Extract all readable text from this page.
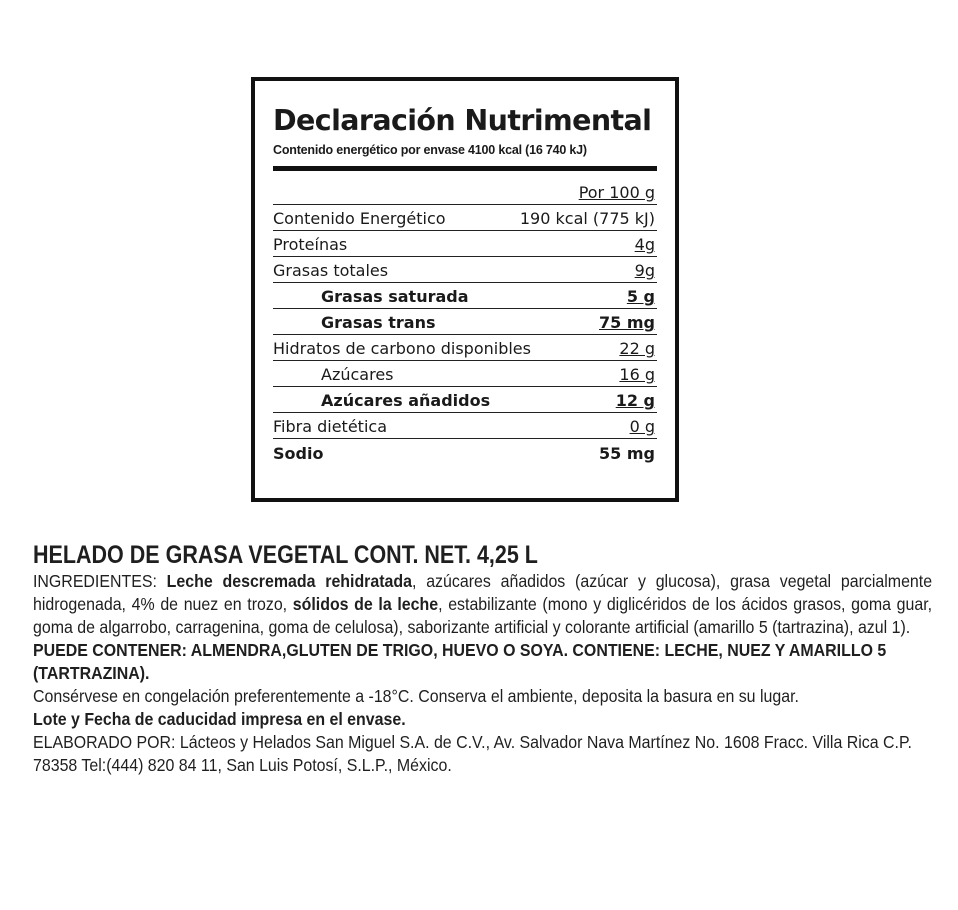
Declaración Nutrimental
Contenido energético por envase 4100 kcal (16 740 kJ)
Por 100 g
Contenido Energético	190 kcal (775 kJ)
Proteínas	4g
Grasas totales	9g
Grasas saturada	5 g
Grasas trans	75 mg
Hidratos de carbono disponibles	22 g
Azúcares	16 g
Azúcares añadidos	12 g
Fibra dietética	0 g
Sodio	55 mg
HELADO DE GRASA VEGETAL CONT. NET. 4,25 L

INGREDIENTES: Leche descremada rehidratada, azúcares añadidos (azúcar y glucosa), grasa vegetal parcialmente hidrogenada, 4% de nuez en trozo, sólidos de la leche, estabilizante (mono y diglicéridos de los ácidos grasos, goma guar, goma de algarrobo, carragenina, goma de celulosa), saborizante artificial y colorante artificial (amarillo 5 (tartrazina), azul 1).

PUEDE CONTENER: ALMENDRA,GLUTEN DE TRIGO, HUEVO O SOYA. CONTIENE: LECHE, NUEZ Y AMARILLO 5 (TARTRAZINA).

Consérvese en congelación preferentemente a -18°C. Conserva el ambiente, deposita la basura en su lugar.

Lote y Fecha de caducidad impresa en el envase.

ELABORADO POR: Lácteos y Helados San Miguel S.A. de C.V., Av. Salvador Nava Martínez No. 1608 Fracc. Villa Rica C.P. 78358 Tel:(444) 820 84 11, San Luis Potosí, S.L.P., México.
